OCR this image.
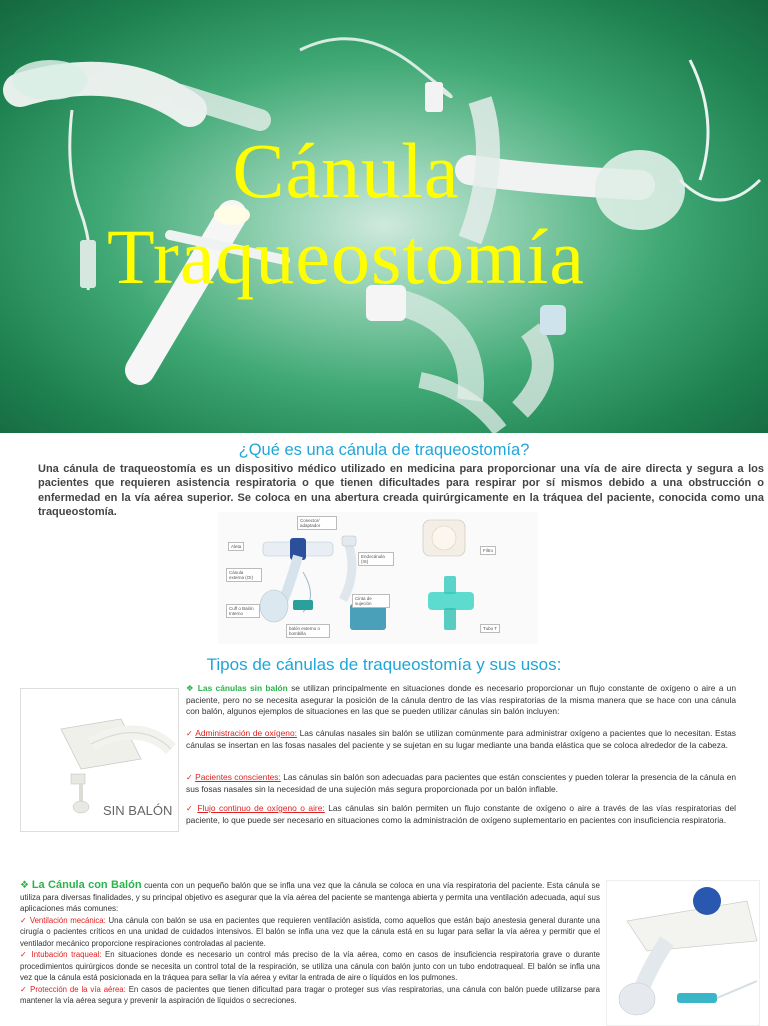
Cánula
Traqueostomía
¿Qué es una cánula de traqueostomía?
Una cánula de traqueostomía es un dispositivo médico utilizado en medicina para proporcionar una vía de aire directa y segura a los pacientes que requieren asistencia respiratoria o que tienen dificultades para respirar por sí mismos debido a una obstrucción o enfermedad en la vía aérea superior. Se coloca en una abertura creada quirúrgicamente en la tráquea del paciente, conocida como una traqueostomía.
Conector/ adaptador
Aleta
Endocánula (IS)
Cánula externa (OI)
Cinta de sujeción
Cuff o Balón Interno
balón externo o bombilla
Filtro
Tubo T
Tipos de cánulas de traqueostomía y sus usos:
SIN BALÓN
❖ Las cánulas sin balón se utilizan principalmente en situaciones donde es necesario proporcionar un flujo constante de oxígeno o aire a un paciente, pero no se necesita asegurar la posición de la cánula dentro de las vías respiratorias de la misma manera que se hace con una cánula con balón, algunos ejemplos de situaciones en las que se pueden utilizar cánulas sin balón incluyen:
✓ Administración de oxígeno: Las cánulas nasales sin balón se utilizan comúnmente para administrar oxígeno a pacientes que lo necesitan. Estas cánulas se insertan en las fosas nasales del paciente y se sujetan en su lugar mediante una banda elástica que se coloca alrededor de la cabeza.
✓ Pacientes conscientes: Las cánulas sin balón son adecuadas para pacientes que están conscientes y pueden tolerar la presencia de la cánula en sus fosas nasales sin la necesidad de una sujeción más segura proporcionada por un balón inflable.
✓ Flujo continuo de oxígeno o aire: Las cánulas sin balón permiten un flujo constante de oxígeno o aire a través de las vías respiratorias del paciente, lo que puede ser necesario en situaciones como la administración de oxígeno suplementario en pacientes con insuficiencia respiratoria.

❖ La Cánula con Balón cuenta con un pequeño balón que se infla una vez que la cánula se coloca en una vía respiratoria del paciente. Esta cánula se utiliza para diversas finalidades, y su principal objetivo es asegurar que la vía aérea del paciente se mantenga abierta y permita una ventilación adecuada, aquí sus aplicaciones más comunes:

✓ Ventilación mecánica: Una cánula con balón se usa en pacientes que requieren ventilación asistida, como aquellos que están bajo anestesia general durante una cirugía o pacientes críticos en una unidad de cuidados intensivos. El balón se infla una vez que la cánula está en su lugar para sellar la vía aérea y permitir que el ventilador mecánico proporcione respiraciones controladas al paciente.

✓ Intubación traqueal: En situaciones donde es necesario un control más preciso de la vía aérea, como en casos de insuficiencia respiratoria grave o durante procedimientos quirúrgicos donde se necesita un control total de la respiración, se utiliza una cánula con balón junto con un tubo endotraqueal. El balón se infla una vez que la cánula está posicionada en la tráquea para sellar la vía aérea y evitar la entrada de aire o líquidos en los pulmones.

✓ Protección de la vía aérea: En casos de pacientes que tienen dificultad para tragar o proteger sus vías respiratorias, una cánula con balón puede utilizarse para mantener la vía aérea segura y prevenir la aspiración de líquidos o secreciones.
